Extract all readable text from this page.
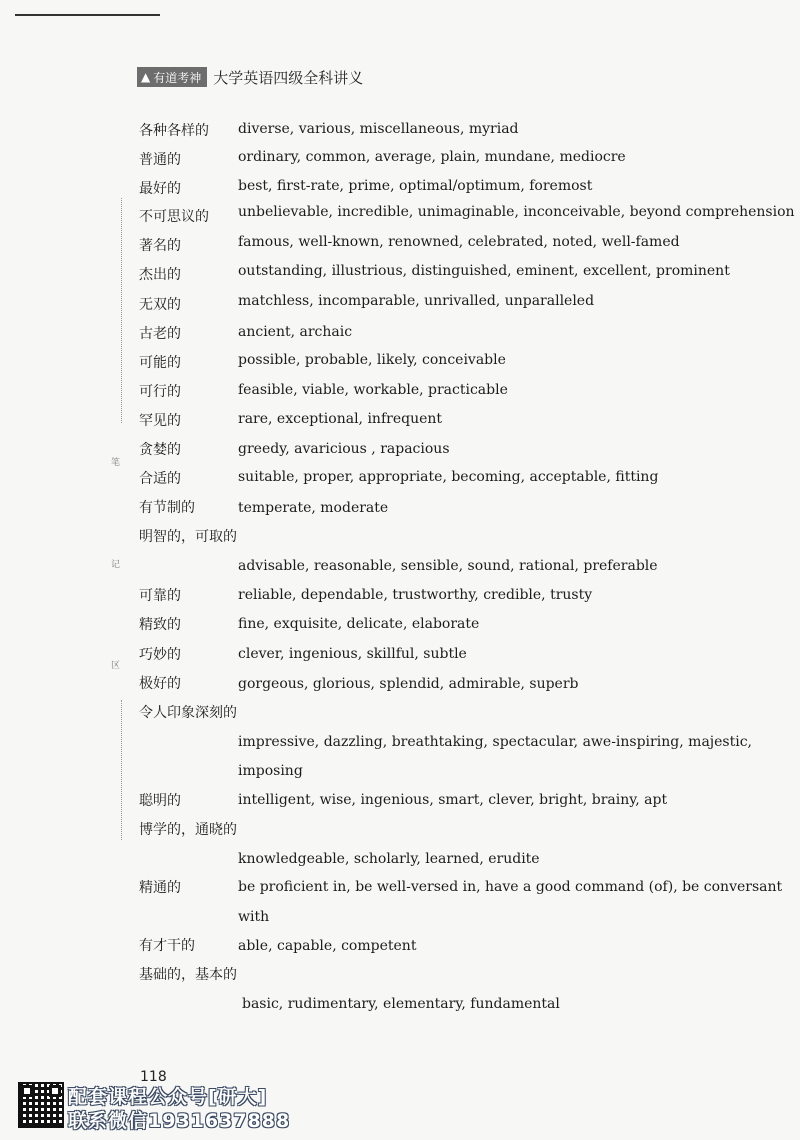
▲ 有道考神 大学英语四级全科讲义
笔
记
区
各种各样的 diverse, various, miscellaneous, myriad
普通的	ordinary, common, average, plain, mundane, mediocre
最好的	best, first-rate, prime, optimal/optimum, foremost
不可思议的 unbelievable, incredible, unimaginable, inconceivable, beyond comprehension
著名的	famous, well-known, renowned, celebrated, noted, well-famed
杰出的	outstanding, illustrious, distinguished, eminent, excellent, prominent
无双的	matchless, incomparable, unrivalled, unparalleled
古老的	ancient, archaic
可能的	possible, probable, likely, conceivable
可行的	feasible, viable, workable, practicable
罕见的	rare, exceptional, infrequent
贪婪的	greedy, avaricious , rapacious
合适的	suitable, proper, appropriate, becoming, acceptable, fitting
有节制的	temperate, moderate
明智的，可取的
advisable, reasonable, sensible, sound, rational, preferable
可靠的	reliable, dependable, trustworthy, credible, trusty
精致的	fine, exquisite, delicate, elaborate
巧妙的	clever, ingenious, skillful, subtle
极好的	gorgeous, glorious, splendid, admirable, superb
令人印象深刻的
impressive, dazzling, breathtaking, spectacular, awe-inspiring, majestic,
imposing
聪明的	intelligent, wise, ingenious, smart, clever, bright, brainy, apt
博学的，通晓的
knowledgeable, scholarly, learned, erudite
精通的	be proficient in, be well-versed in, have a good command (of), be conversant
with
有才干的	able, capable, competent
基础的，基本的
basic, rudimentary, elementary, fundamental
118
配套课程公众号[研大]
联系微信1931637888
